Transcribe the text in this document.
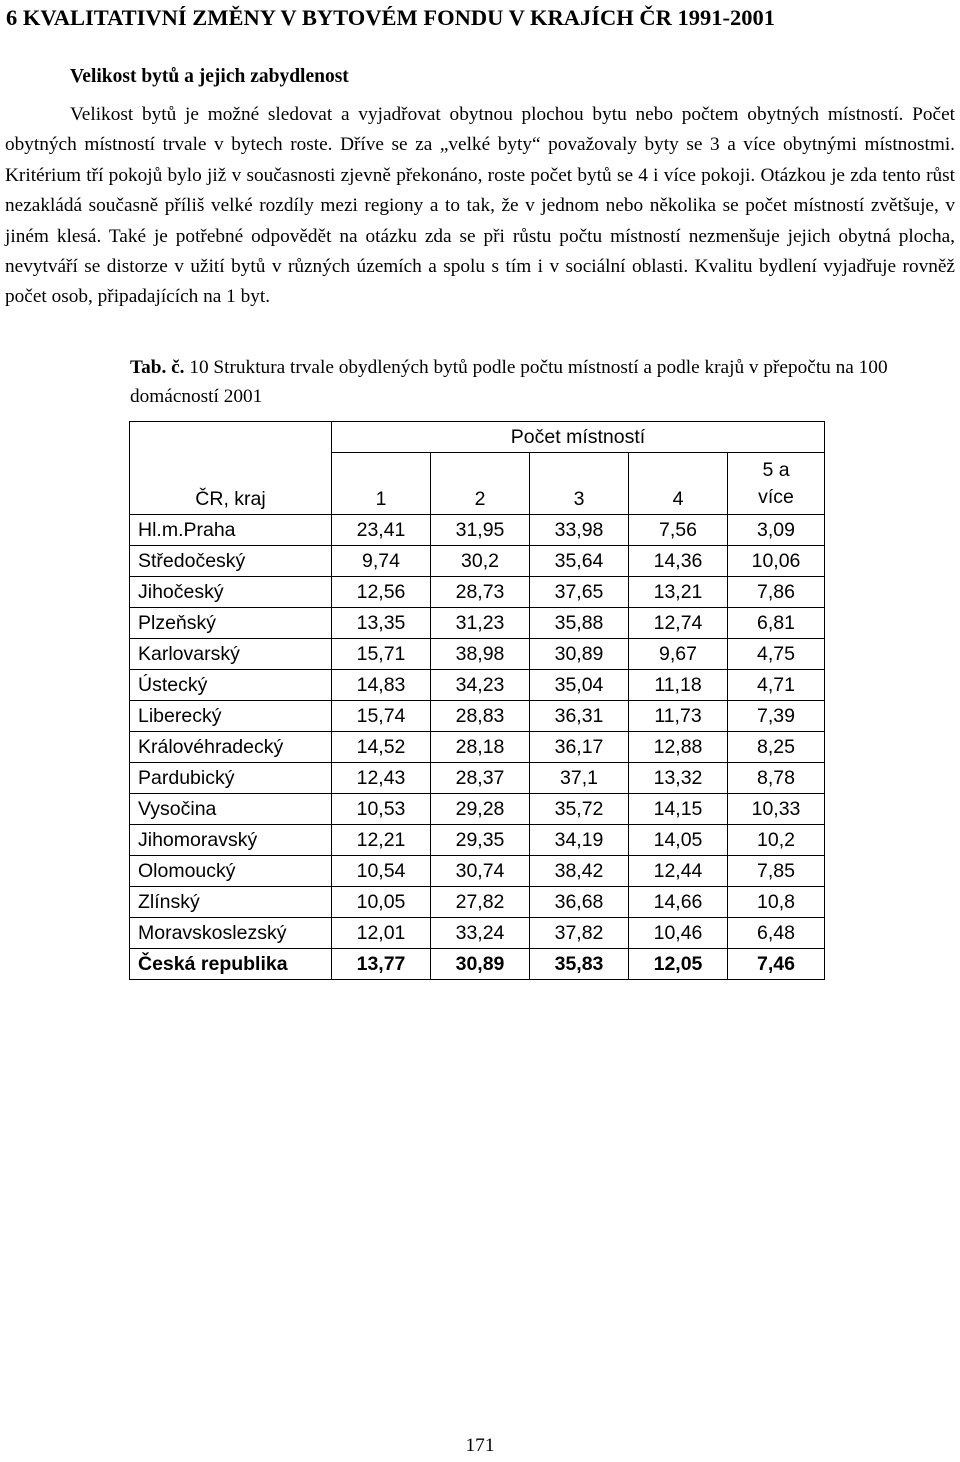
6 KVALITATIVNÍ ZMĚNY V BYTOVÉM FONDU V KRAJÍCH ČR 1991-2001
Velikost bytů a jejich zabydlenost

Velikost bytů je možné sledovat a vyjadřovat obytnou plochou bytu nebo počtem obytných místností. Počet obytných místností trvale v bytech roste. Dříve se za „velké byty“ považovaly byty se 3 a více obytnými místnostmi. Kritérium tří pokojů bylo již v současnosti zjevně překonáno, roste počet bytů se 4 i více pokoji. Otázkou je zda tento růst nezakládá současně příliš velké rozdíly mezi regiony a to tak, že v jednom nebo několika se počet místností zvětšuje, v jiném klesá. Také je potřebné odpovědět na otázku zda se při růstu počtu místností nezmenšuje jejich obytná plocha, nevytváří se distorze v užití bytů v různých územích a spolu s tím i v sociální oblasti. Kvalitu bydlení vyjadřuje rovněž počet osob, připadajících na 1 byt.

Tab. č. 10 Struktura trvale obydlených bytů podle počtu místností a podle krajů v přepočtu na 100 domácností 2001

ČR, kraj	Počet místností				
	1	2	3	4	5 a
více

Hl.m.Praha	23,41	31,95	33,98	7,56	3,09
Středočeský	9,74	30,2	35,64	14,36	10,06
Jihočeský	12,56	28,73	37,65	13,21	7,86
Plzeňský	13,35	31,23	35,88	12,74	6,81
Karlovarský	15,71	38,98	30,89	9,67	4,75
Ústecký	14,83	34,23	35,04	11,18	4,71
Liberecký	15,74	28,83	36,31	11,73	7,39
Královéhradecký	14,52	28,18	36,17	12,88	8,25
Pardubický	12,43	28,37	37,1	13,32	8,78
Vysočina	10,53	29,28	35,72	14,15	10,33
Jihomoravský	12,21	29,35	34,19	14,05	10,2
Olomoucký	10,54	30,74	38,42	12,44	7,85
Zlínský	10,05	27,82	36,68	14,66	10,8
Moravskoslezský	12,01	33,24	37,82	10,46	6,48
Česká republika	13,77	30,89	35,83	12,05	7,46

171
